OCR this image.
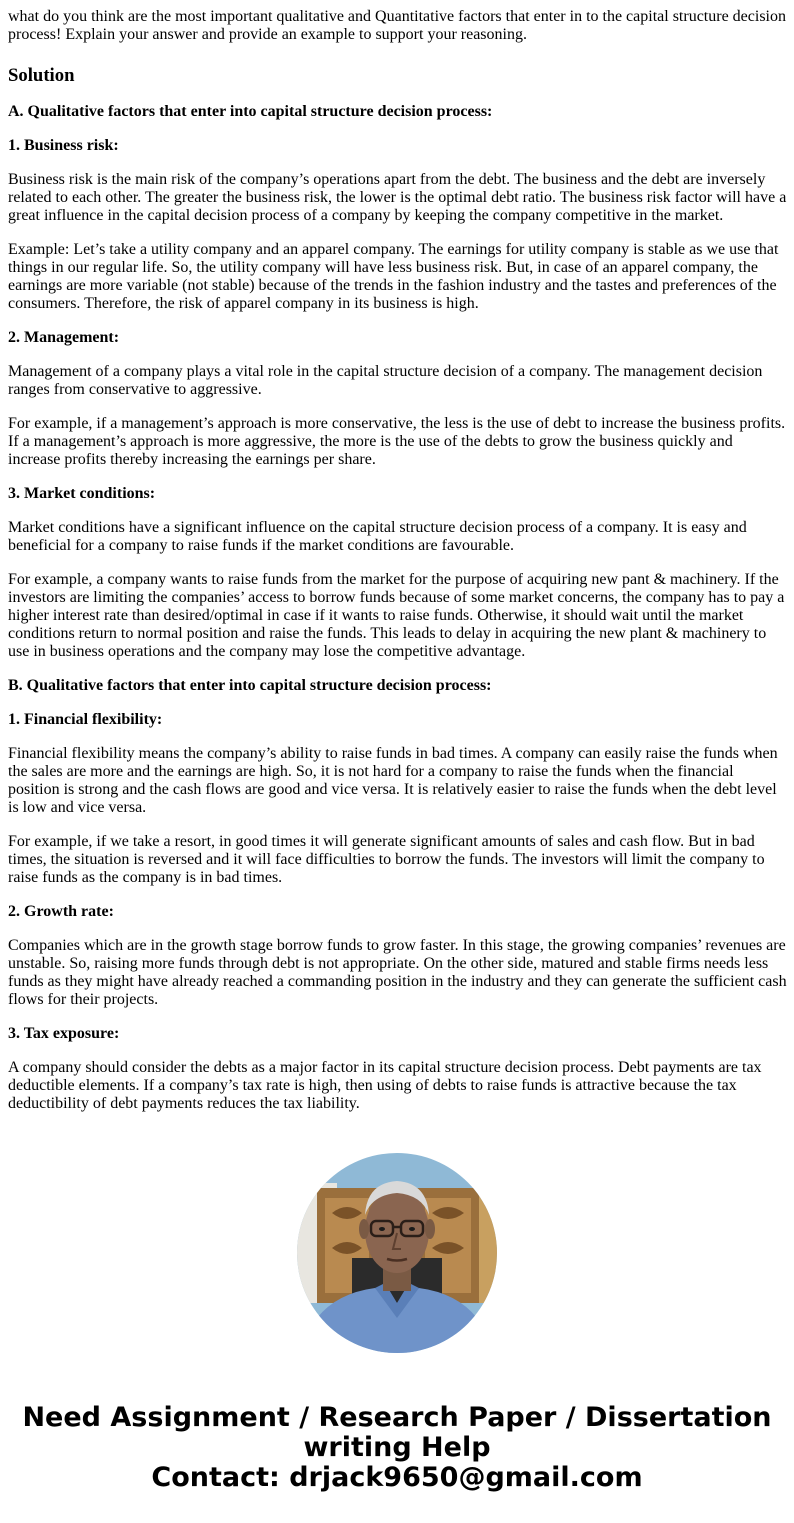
what do you think are the most important qualitative and Quantitative factors that enter in to the capital structure decision process! Explain your answer and provide an example to support your reasoning.

Solution

A. Qualitative factors that enter into capital structure decision process:

1. Business risk:

Business risk is the main risk of the company’s operations apart from the debt. The business and the debt are inversely related to each other. The greater the business risk, the lower is the optimal debt ratio. The business risk factor will have a great influence in the capital decision process of a company by keeping the company competitive in the market.

Example: Let’s take a utility company and an apparel company. The earnings for utility company is stable as we use that things in our regular life. So, the utility company will have less business risk. But, in case of an apparel company, the earnings are more variable (not stable) because of the trends in the fashion industry and the tastes and preferences of the consumers. Therefore, the risk of apparel company in its business is high.

2. Management:

Management of a company plays a vital role in the capital structure decision of a company. The management decision ranges from conservative to aggressive.

For example, if a management’s approach is more conservative, the less is the use of debt to increase the business profits. If a management’s approach is more aggressive, the more is the use of the debts to grow the business quickly and increase profits thereby increasing the earnings per share.

3. Market conditions:

Market conditions have a significant influence on the capital structure decision process of a company. It is easy and beneficial for a company to raise funds if the market conditions are favourable.

For example, a company wants to raise funds from the market for the purpose of acquiring new pant & machinery. If the investors are limiting the companies’ access to borrow funds because of some market concerns, the company has to pay a higher interest rate than desired/optimal in case if it wants to raise funds. Otherwise, it should wait until the market conditions return to normal position and raise the funds. This leads to delay in acquiring the new plant & machinery to use in business operations and the company may lose the competitive advantage.

B. Qualitative factors that enter into capital structure decision process:

1. Financial flexibility:

Financial flexibility means the company’s ability to raise funds in bad times. A company can easily raise the funds when the sales are more and the earnings are high. So, it is not hard for a company to raise the funds when the financial position is strong and the cash flows are good and vice versa. It is relatively easier to raise the funds when the debt level is low and vice versa.

For example, if we take a resort, in good times it will generate significant amounts of sales and cash flow. But in bad times, the situation is reversed and it will face difficulties to borrow the funds. The investors will limit the company to raise funds as the company is in bad times.

2. Growth rate:

Companies which are in the growth stage borrow funds to grow faster. In this stage, the growing companies’ revenues are unstable. So, raising more funds through debt is not appropriate. On the other side, matured and stable firms needs less funds as they might have already reached a commanding position in the industry and they can generate the sufficient cash flows for their projects.

3. Tax exposure:

A company should consider the debts as a major factor in its capital structure decision process. Debt payments are tax deductible elements. If a company’s tax rate is high, then using of debts to raise funds is attractive because the tax deductibility of debt payments reduces the tax liability.

Need Assignment / Research Paper / Dissertation
writing Help
Contact: drjack9650@gmail.com
